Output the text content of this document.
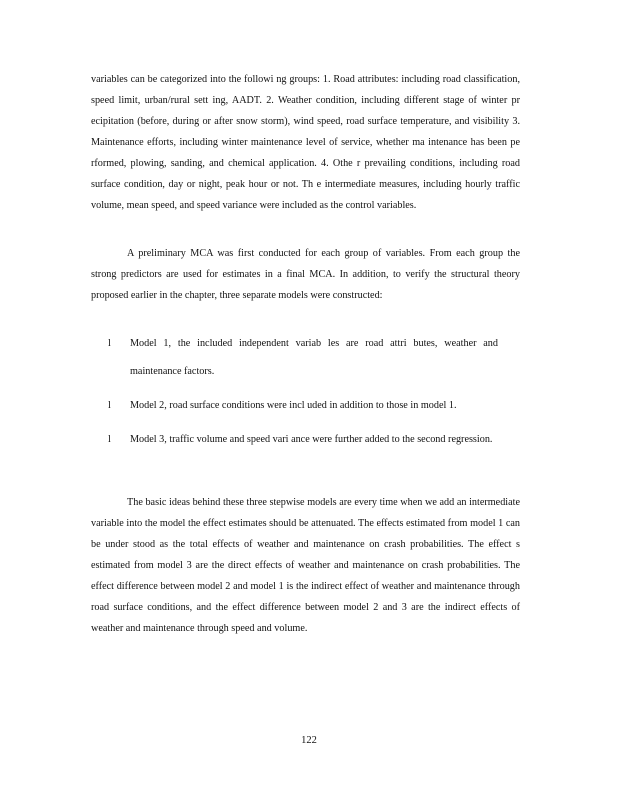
variables can be categorized into the followi ng groups: 1. Road attributes: including road classification, speed limit, urban/rural sett ing, AADT. 2. Weather condition, including different stage of winter pr ecipitation (before, during or after snow storm), wind speed, road surface temperature, and visibility 3. Maintenance efforts, including winter maintenance level of service, whether ma intenance has been pe rformed, plowing, sanding, and chemical application. 4. Othe r prevailing conditions, including road surface condition, day or night, peak hour or not. Th e intermediate measures, including hourly traffic volume, mean speed, and speed variance were included as the control variables.

A preliminary MCA was first conducted for each group of variables. From each group the strong predictors are used for estimates in a final MCA. In addition, to verify the structural theory proposed earlier in the chapter, three separate models were constructed:

l Model 1, the included independent variab les are road attri butes, weather and maintenance factors.
l Model 2, road surface conditions were incl uded in addition to those in model 1.
l Model 3, traffic volume and speed vari ance were further added to the second regression.

The basic ideas behind these three stepwise models are every time when we add an intermediate variable into the model the effect estimates should be attenuated. The effects estimated from model 1 can be under stood as the total effects of weather and maintenance on crash probabilities. The effect s estimated from model 3 are the direct effects of weather and maintenance on crash probabilities. The effect difference between model 2 and model 1 is the indirect effect of weather and maintenance through road surface conditions, and the effect difference between model 2 and 3 are the indirect effects of weather and maintenance through speed and volume.

122
